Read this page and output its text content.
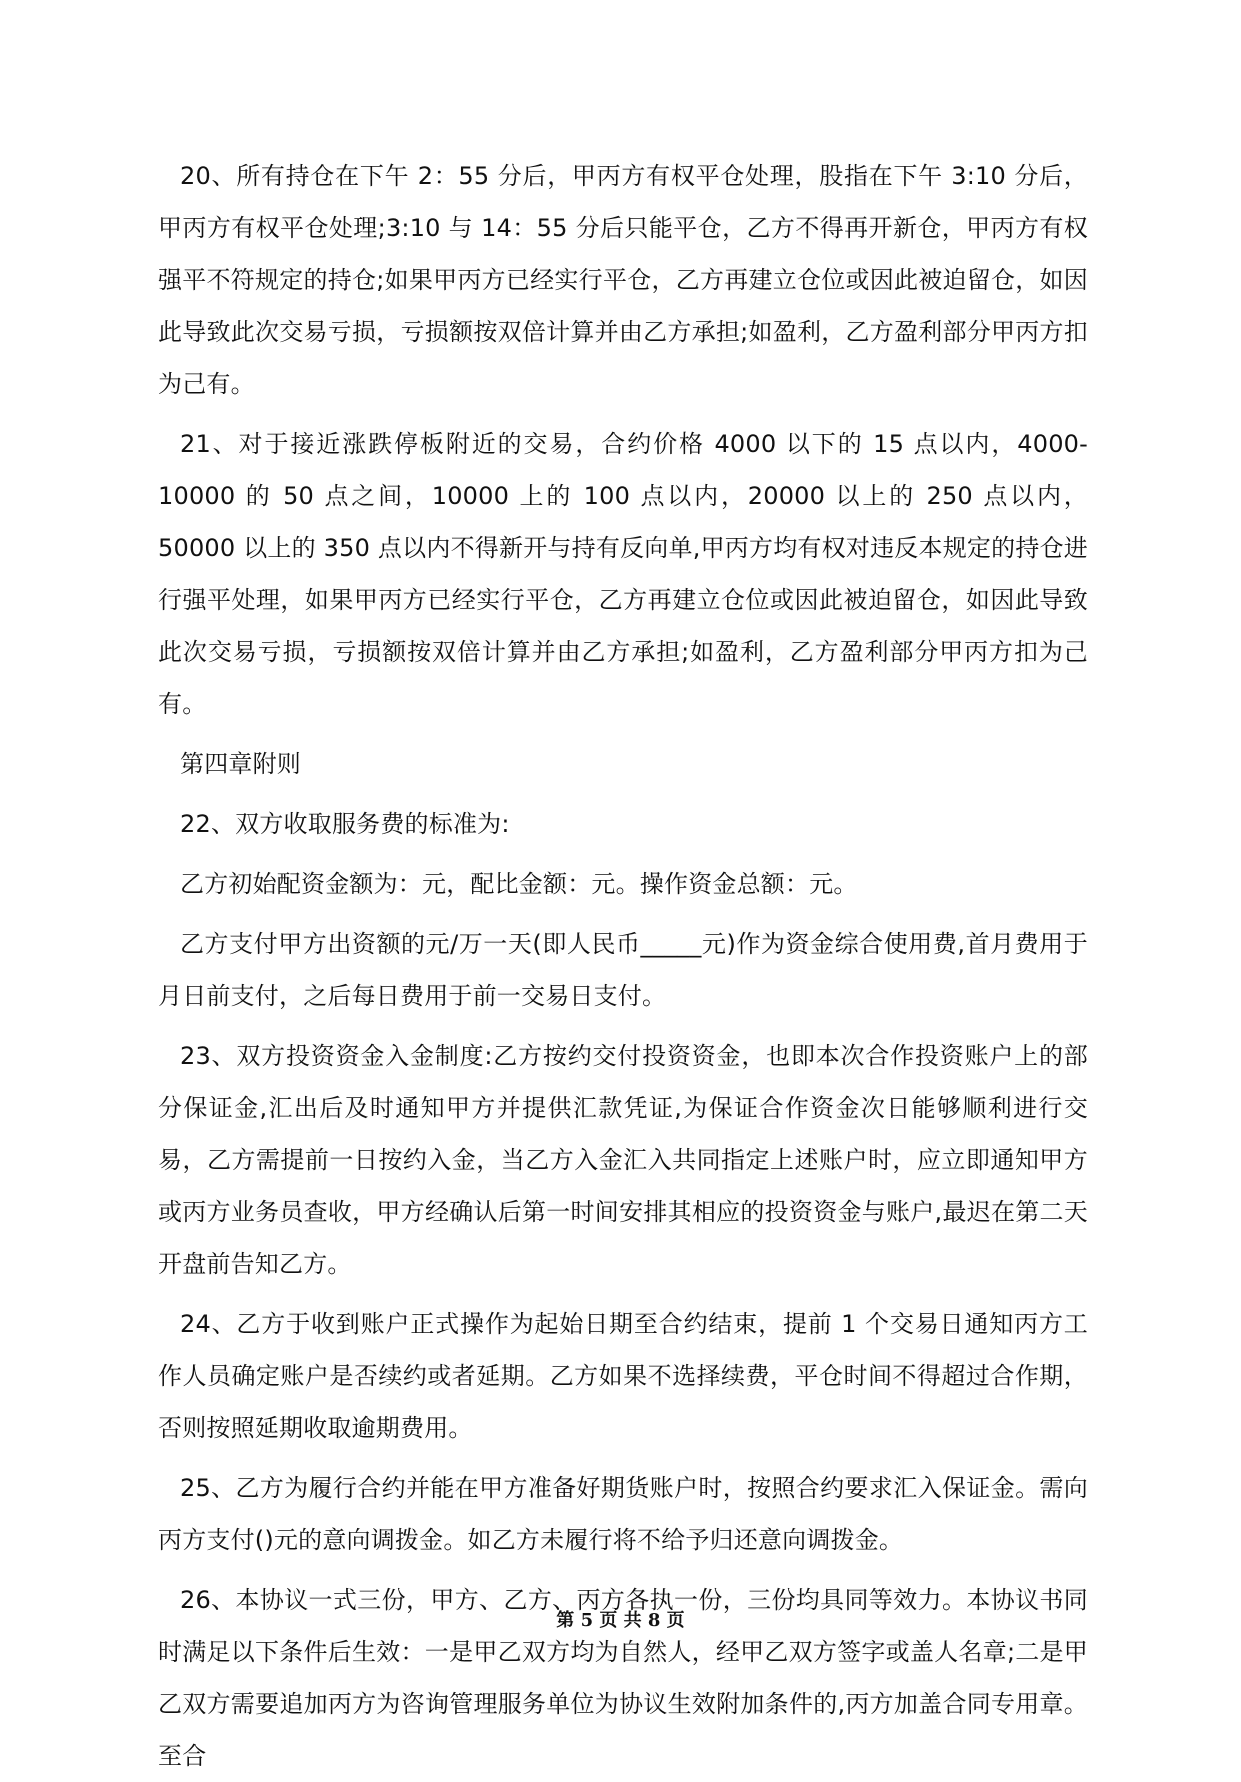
20、所有持仓在下午 2：55 分后，甲丙方有权平仓处理，股指在下午 3:10 分后，甲丙方有权平仓处理;3:10 与 14：55 分后只能平仓，乙方不得再开新仓，甲丙方有权强平不符规定的持仓;如果甲丙方已经实行平仓，乙方再建立仓位或因此被迫留仓，如因此导致此次交易亏损，亏损额按双倍计算并由乙方承担;如盈利，乙方盈利部分甲丙方扣为己有。

21、对于接近涨跌停板附近的交易，合约价格 4000 以下的 15 点以内，4000-10000 的 50 点之间，10000 上的 100 点以内，20000 以上的 250 点以内，50000 以上的 350 点以内不得新开与持有反向单,甲丙方均有权对违反本规定的持仓进行强平处理，如果甲丙方已经实行平仓，乙方再建立仓位或因此被迫留仓，如因此导致此次交易亏损，亏损额按双倍计算并由乙方承担;如盈利，乙方盈利部分甲丙方扣为己有。

第四章附则

22、双方收取服务费的标准为:

乙方初始配资金额为：元，配比金额：元。操作资金总额：元。

乙方支付甲方出资额的元/万一天(即人民币_____元)作为资金综合使用费,首月费用于月日前支付，之后每日费用于前一交易日支付。

23、双方投资资金入金制度:乙方按约交付投资资金，也即本次合作投资账户上的部分保证金,汇出后及时通知甲方并提供汇款凭证,为保证合作资金次日能够顺利进行交易，乙方需提前一日按约入金，当乙方入金汇入共同指定上述账户时，应立即通知甲方或丙方业务员查收，甲方经确认后第一时间安排其相应的投资资金与账户,最迟在第二天开盘前告知乙方。

24、乙方于收到账户正式操作为起始日期至合约结束，提前 1 个交易日通知丙方工作人员确定账户是否续约或者延期。乙方如果不选择续费，平仓时间不得超过合作期，否则按照延期收取逾期费用。

25、乙方为履行合约并能在甲方准备好期货账户时，按照合约要求汇入保证金。需向丙方支付()元的意向调拨金。如乙方未履行将不给予归还意向调拨金。

26、本协议一式三份，甲方、乙方、丙方各执一份，三份均具同等效力。本协议书同时满足以下条件后生效：一是甲乙双方均为自然人，经甲乙双方签字或盖人名章;二是甲乙双方需要追加丙方为咨询管理服务单位为协议生效附加条件的,丙方加盖合同专用章。至合

第 5 页 共 8 页
